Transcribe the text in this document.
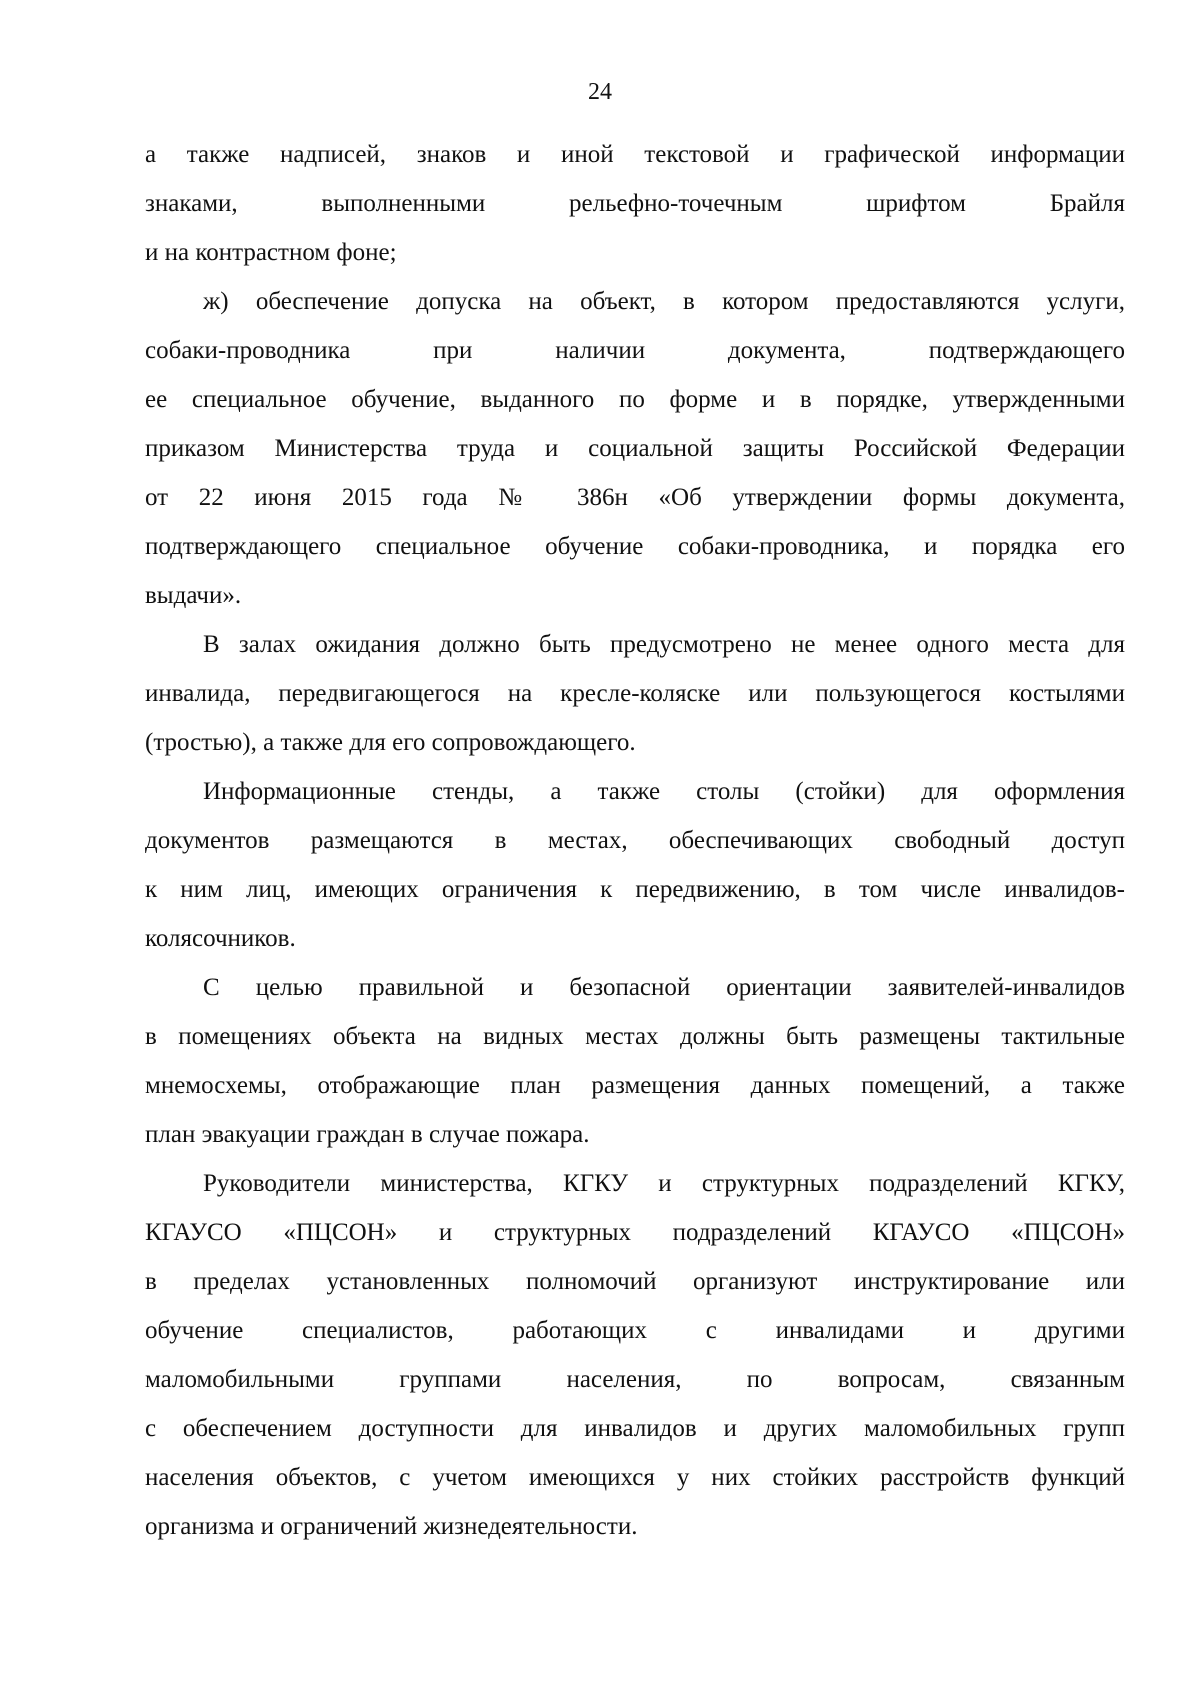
24
а также надписей, знаков и иной текстовой и графической информации
знаками, выполненными рельефно-точечным шрифтом Брайля
и на контрастном фоне;
ж) обеспечение допуска на объект, в котором предоставляются услуги,
собаки-проводника при наличии документа, подтверждающего
ее специальное обучение, выданного по форме и в порядке, утвержденными
приказом Министерства труда и социальной защиты Российской Федерации
от 22 июня 2015 года № 386н «Об утверждении формы документа,
подтверждающего специальное обучение собаки-проводника, и порядка его
выдачи».
В залах ожидания должно быть предусмотрено не менее одного места для
инвалида, передвигающегося на кресле-коляске или пользующегося костылями
(тростью), а также для его сопровождающего.
Информационные стенды, а также столы (стойки) для оформления
документов размещаются в местах, обеспечивающих свободный доступ
к ним лиц, имеющих ограничения к передвижению, в том числе инвалидов-
колясочников.
С целью правильной и безопасной ориентации заявителей-инвалидов
в помещениях объекта на видных местах должны быть размещены тактильные
мнемосхемы, отображающие план размещения данных помещений, а также
план эвакуации граждан в случае пожара.
Руководители министерства, КГКУ и структурных подразделений КГКУ,
КГАУСО «ПЦСОН» и структурных подразделений КГАУСО «ПЦСОН»
в пределах установленных полномочий организуют инструктирование или
обучение специалистов, работающих с инвалидами и другими
маломобильными группами населения, по вопросам, связанным
с обеспечением доступности для инвалидов и других маломобильных групп
населения объектов, с учетом имеющихся у них стойких расстройств функций
организма и ограничений жизнедеятельности.
